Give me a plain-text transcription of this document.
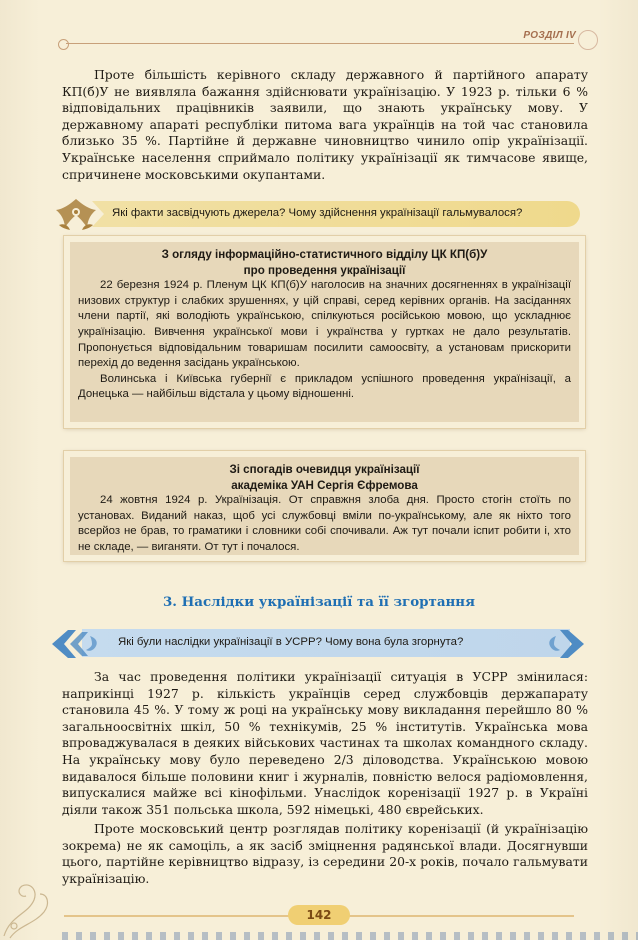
РОЗДІЛ IV

Проте більшість керівного складу державного й партійного апарату КП(б)У не виявляла бажання здійснювати українізацію. У 1923 р. тільки 6 % відповідальних працівників заявили, що знають українську мову. У державному апараті республіки питома вага українців на той час становила близько 35 %. Партійне й державне чиновництво чинило опір українізації. Українське населення сприймало політику українізації як тимчасове явище, спричинене московськими окупантами.

Які факти засвідчують джерела? Чому здійснення українізації гальмувалося?
З огляду інформаційно-статистичного відділу ЦК КП(б)У
про проведення українізації

22 березня 1924 р. Пленум ЦК КП(б)У наголосив на значних досягненнях в українізації низових структур і слабких зрушеннях, у цій справі, серед керівних органів. На засіданнях члени партії, які володіють українською, спілкуються російською мовою, що ускладнює українізацію. Вивчення української мови і українства у гуртках не дало результатів. Пропонується відповідальним товаришам посилити самоосвіту, а установам прискорити перехід до ведення засідань українською.

Волинська і Київська губернії є прикладом успішного проведення українізації, а Донецька — найбільш відстала у цьому відношенні.

Зі спогадів очевидця українізації
академіка УАН Сергія Єфремова

24 жовтня 1924 р. Українізація. От справжня злоба дня. Просто стогін стоїть по установах. Виданий наказ, щоб усі службовці вміли по-українському, але як ніхто того всерйоз не брав, то граматики і словники собі спочивали. Аж тут почали іспит робити і, хто не складе, — виганяти. От тут і почалося.

3. Наслідки українізації та її згортання
Які були наслідки українізації в УСРР? Чому вона була згорнута?

За час проведення політики українізації ситуація в УСРР змінилася: наприкінці 1927 р. кількість українців серед службовців держапарату становила 45 %. У тому ж році на українську мову викладання перейшло 80 % загальноосвітніх шкіл, 50 % технікумів, 25 % інститутів. Українська мова впроваджувалася в деяких військових частинах та школах командного складу. На українську мову було переведено 2/3 діловодства. Українською мовою видавалося більше половини книг і журналів, повністю велося радіомовлення, випускалися майже всі кінофільми. Унаслідок коренізації 1927 р. в Україні діяли також 351 польська школа, 592 німецькі, 480 єврейських.

Проте московський центр розглядав політику коренізації (й українізацію зокрема) не як самоціль, а як засіб зміцнення радянської влади. Досягнувши цього, партійне керівництво відразу, із середини 20-х років, почало гальмувати українізацію.

142
